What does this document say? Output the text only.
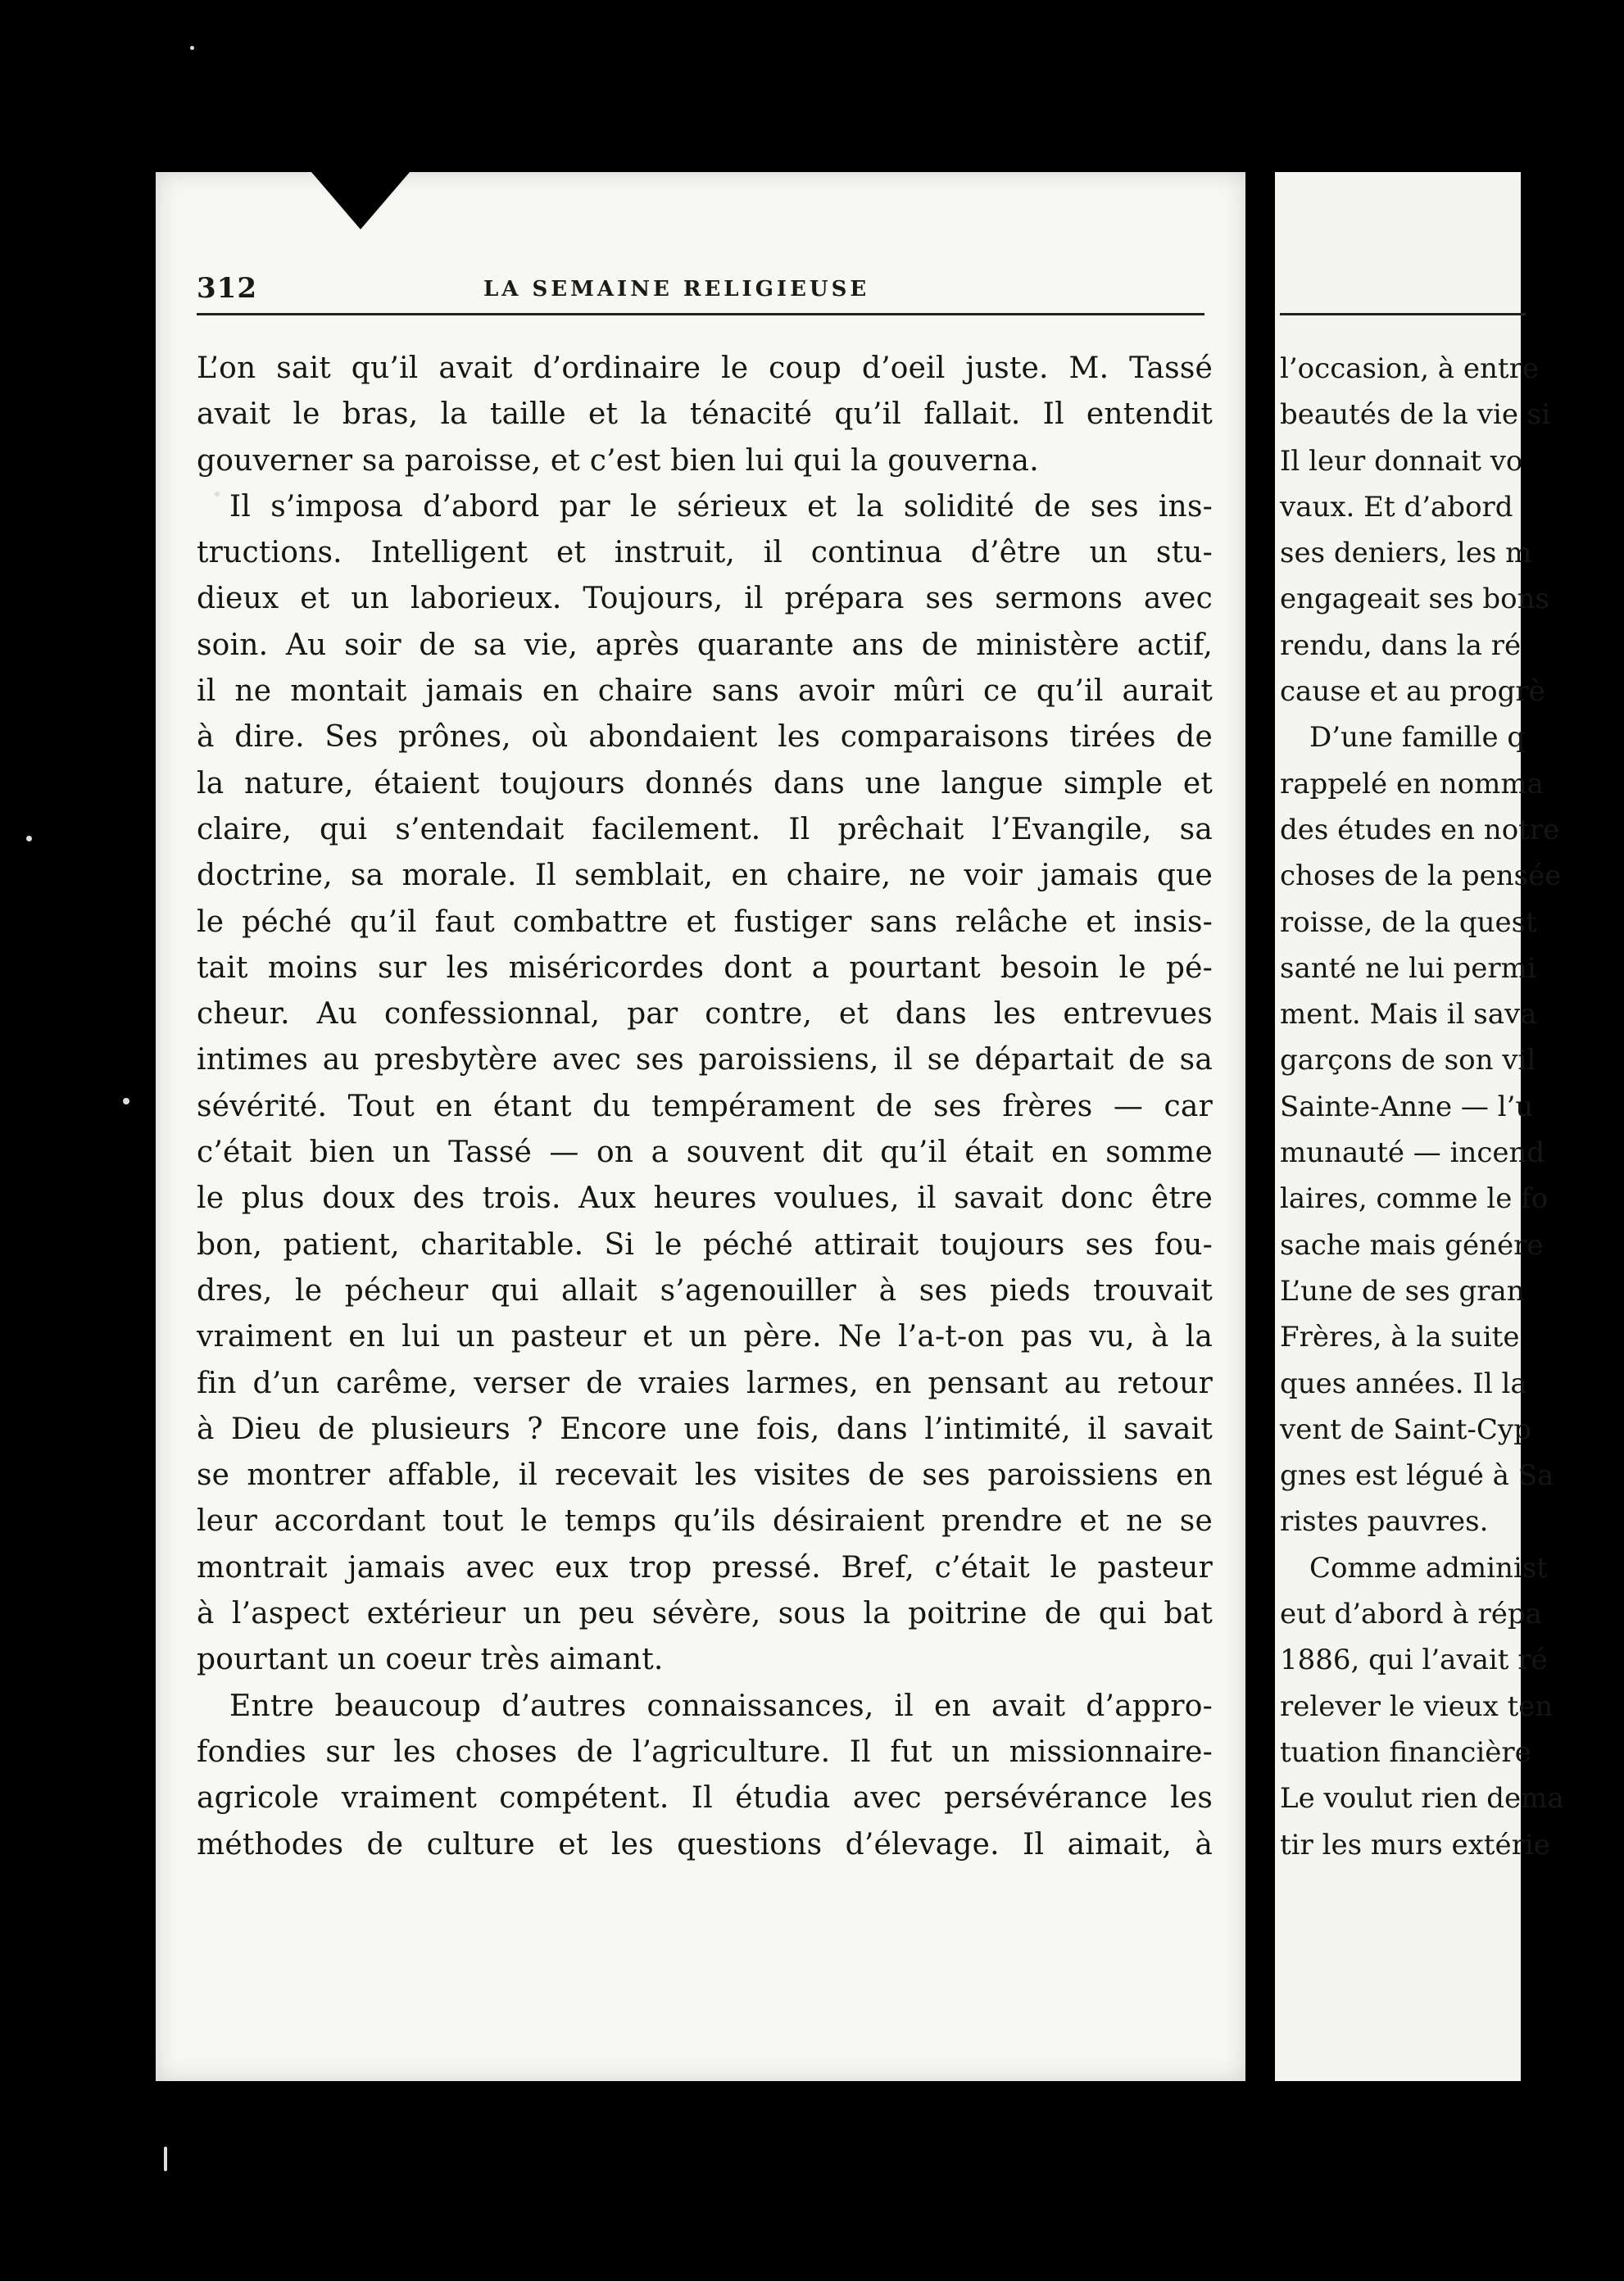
312	LA SEMAINE RELIGIEUSE
L’on sait qu’il avait d’ordinaire le coup d’oeil juste. M. Tassé
avait le bras, la taille et la ténacité qu’il fallait. Il entendit
gouverner sa paroisse, et c’est bien lui qui la gouverna.
Il s’imposa d’abord par le sérieux et la solidité de ses ins-
tructions. Intelligent et instruit, il continua d’être un stu-
dieux et un laborieux. Toujours, il prépara ses sermons avec
soin. Au soir de sa vie, après quarante ans de ministère actif,
il ne montait jamais en chaire sans avoir mûri ce qu’il aurait
à dire. Ses prônes, où abondaient les comparaisons tirées de
la nature, étaient toujours donnés dans une langue simple et
claire, qui s’entendait facilement. Il prêchait l’Evangile, sa
doctrine, sa morale. Il semblait, en chaire, ne voir jamais que
le péché qu’il faut combattre et fustiger sans relâche et insis-
tait moins sur les miséricordes dont a pourtant besoin le pé-
cheur. Au confessionnal, par contre, et dans les entrevues
intimes au presbytère avec ses paroissiens, il se départait de sa
sévérité. Tout en étant du tempérament de ses frères — car
c’était bien un Tassé — on a souvent dit qu’il était en somme
le plus doux des trois. Aux heures voulues, il savait donc être
bon, patient, charitable. Si le péché attirait toujours ses fou-
dres, le pécheur qui allait s’agenouiller à ses pieds trouvait
vraiment en lui un pasteur et un père. Ne l’a-t-on pas vu, à la
fin d’un carême, verser de vraies larmes, en pensant au retour
à Dieu de plusieurs ? Encore une fois, dans l’intimité, il savait
se montrer affable, il recevait les visites de ses paroissiens en
leur accordant tout le temps qu’ils désiraient prendre et ne se
montrait jamais avec eux trop pressé. Bref, c’était le pasteur
à l’aspect extérieur un peu sévère, sous la poitrine de qui bat
pourtant un coeur très aimant.
Entre beaucoup d’autres connaissances, il en avait d’appro-
fondies sur les choses de l’agriculture. Il fut un missionnaire-
agricole vraiment compétent. Il étudia avec persévérance les
méthodes de culture et les questions d’élevage. Il aimait, à
l’occasion, à entre
beautés de la vie si
Il leur donnait vo
vaux. Et d’abord
ses deniers, les m
engageait ses bons
rendu, dans la ré
cause et au progrè
D’une famille q
rappelé en nomma
des études en notre
choses de la pensée
roisse, de la quest
santé ne lui permi
ment. Mais il sava
garçons de son vil
Sainte-Anne — l’u
munauté — incend
laires, comme le fo
sache mais génére
L’une de ses gran
Frères, à la suite
ques années. Il la
vent de Saint-Cyp
gnes est légué à Sa
ristes pauvres.
Comme administ
eut d’abord à répa
1886, qui l’avait ré
relever le vieux ten
tuation financière
Le voulut rien dema
tir les murs extérie
